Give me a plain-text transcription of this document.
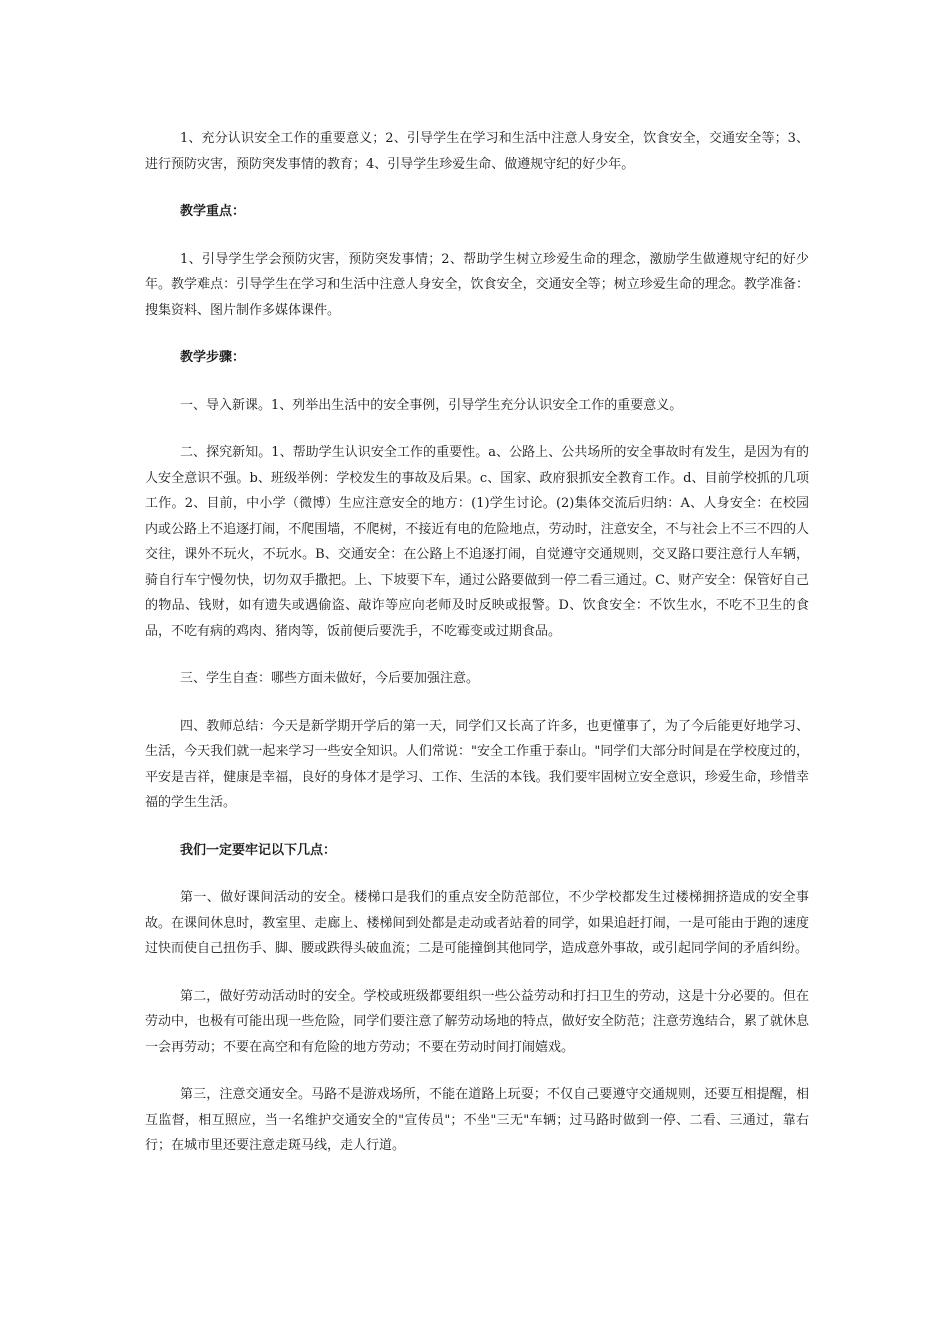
1、充分认识安全工作的重要意义；2、引导学生在学习和生活中注意人身安全，饮食安全，交通安全等；3、进行预防灾害，预防突发事情的教育；4、引导学生珍爱生命、做遵规守纪的好少年。

教学重点：

1、引导学生学会预防灾害，预防突发事情；2、帮助学生树立珍爱生命的理念，激励学生做遵规守纪的好少年。教学难点：引导学生在学习和生活中注意人身安全，饮食安全，交通安全等；树立珍爱生命的理念。教学准备：搜集资料、图片制作多媒体课件。

教学步骤：

一、导入新课。1、列举出生活中的安全事例，引导学生充分认识安全工作的重要意义。

二、探究新知。1、帮助学生认识安全工作的重要性。a、公路上、公共场所的安全事故时有发生，是因为有的人安全意识不强。b、班级举例：学校发生的事故及后果。c、国家、政府狠抓安全教育工作。d、目前学校抓的几项工作。2、目前，中小学（微博）生应注意安全的地方：(1)学生讨论。(2)集体交流后归纳：A、人身安全：在校园内或公路上不追逐打闹，不爬围墙，不爬树，不接近有电的危险地点，劳动时，注意安全，不与社会上不三不四的人交往，课外不玩火，不玩水。B、交通安全：在公路上不追逐打闹，自觉遵守交通规则，交叉路口要注意行人车辆，骑自行车宁慢勿快，切勿双手撒把。上、下坡要下车，通过公路要做到一停二看三通过。C、财产安全：保管好自己的物品、钱财，如有遗失或遇偷盗、敲诈等应向老师及时反映或报警。D、饮食安全：不饮生水，不吃不卫生的食品，不吃有病的鸡肉、猪肉等，饭前便后要洗手，不吃霉变或过期食品。

三、学生自查：哪些方面未做好，今后要加强注意。

四、教师总结：今天是新学期开学后的第一天，同学们又长高了许多，也更懂事了，为了今后能更好地学习、生活，今天我们就一起来学习一些安全知识。人们常说："安全工作重于泰山。"同学们大部分时间是在学校度过的，平安是吉祥，健康是幸福，良好的身体才是学习、工作、生活的本钱。我们要牢固树立安全意识，珍爱生命，珍惜幸福的学生生活。

我们一定要牢记以下几点：

第一、做好课间活动的安全。楼梯口是我们的重点安全防范部位，不少学校都发生过楼梯拥挤造成的安全事故。在课间休息时，教室里、走廊上、楼梯间到处都是走动或者站着的同学，如果追赶打闹，一是可能由于跑的速度过快而使自己扭伤手、脚、腰或跌得头破血流；二是可能撞倒其他同学，造成意外事故，或引起同学间的矛盾纠纷。

第二，做好劳动活动时的安全。学校或班级都要组织一些公益劳动和打扫卫生的劳动，这是十分必要的。但在劳动中，也极有可能出现一些危险，同学们要注意了解劳动场地的特点，做好安全防范；注意劳逸结合，累了就休息一会再劳动；不要在高空和有危险的地方劳动；不要在劳动时间打闹嬉戏。

第三，注意交通安全。马路不是游戏场所，不能在道路上玩耍；不仅自己要遵守交通规则，还要互相提醒，相互监督，相互照应，当一名维护交通安全的"宣传员"；不坐"三无"车辆；过马路时做到一停、二看、三通过，靠右行；在城市里还要注意走斑马线，走人行道。
